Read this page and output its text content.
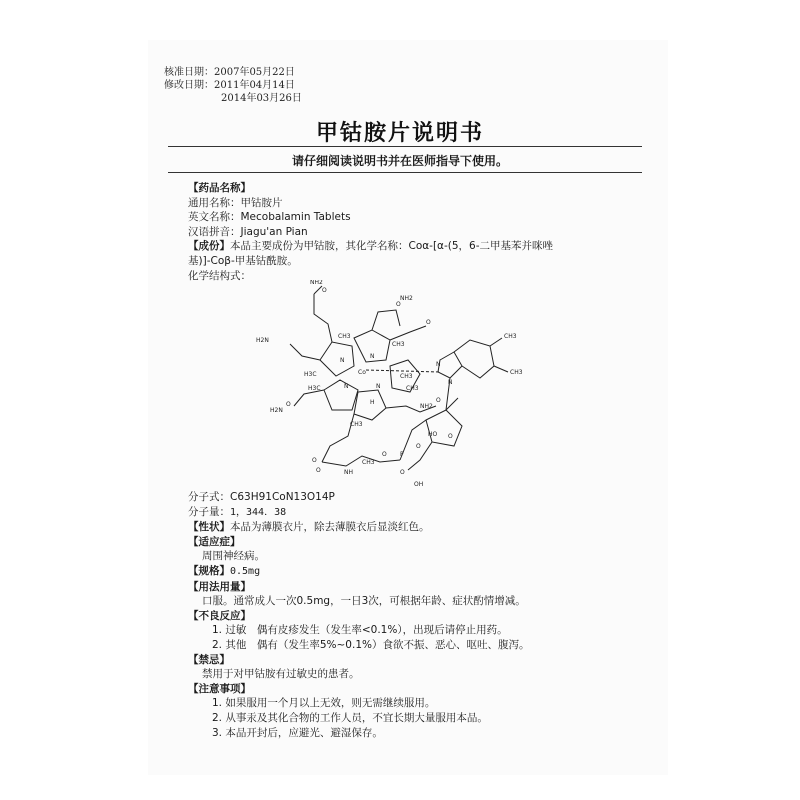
核准日期：2007年05月22日
修改日期：2011年04月14日
2014年03月26日
甲钴胺片说明书
请仔细阅读说明书并在医师指导下使用。
【药品名称】
通用名称：甲钴胺片
英文名称：Mecobalamin Tablets
汉语拼音：Jiagu'an Pian
【成份】本品主要成份为甲钴胺，其化学名称：Coα-[α-(5，6-二甲基苯并咪唑
基)]-Coβ-甲基钴酰胺。
化学结构式：
O
NH2
O
NH2
O
H2N
CH3
H3C
N
N
N	N
Co
H
CH3
CH3
H3C	CH3
O
NH2
O
O
H2N
CH3
N
N
CH3
CH3
O	NH
CH3
O P
O
O
HO O
OH
分子式：C63H91CoN13O14P
分子量：1，344．38
【性状】本品为薄膜衣片，除去薄膜衣后显淡红色。
【适应症】
周围神经病。
【规格】0.5mg
【用法用量】
口服。通常成人一次0.5mg，一日3次，可根据年龄、症状酌情增减。
【不良反应】
1. 过敏　偶有皮疹发生（发生率<0.1%），出现后请停止用药。
2. 其他　偶有（发生率5%~0.1%）食欲不振、恶心、呕吐、腹泻。
【禁忌】
禁用于对甲钴胺有过敏史的患者。
【注意事项】
1. 如果服用一个月以上无效，则无需继续服用。
2. 从事汞及其化合物的工作人员，不宜长期大量服用本品。
3. 本品开封后，应避光、避湿保存。
